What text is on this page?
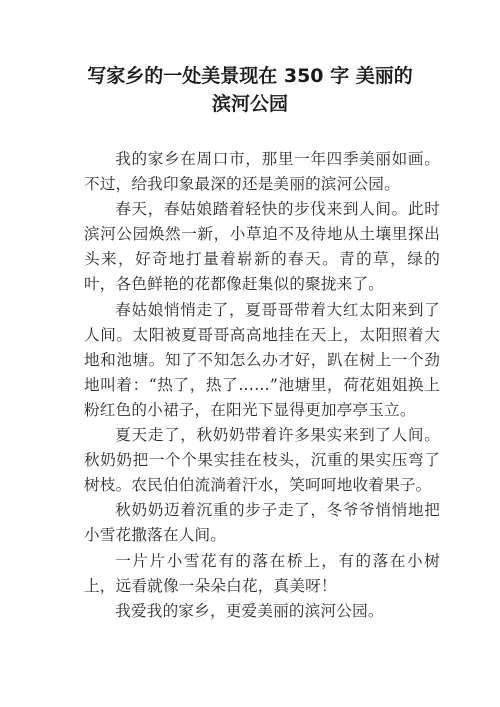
写家乡的一处美景现在 350 字 美丽的
滨河公园

我的家乡在周口市，那里一年四季美丽如画。不过，给我印象最深的还是美丽的滨河公园。

春天，春姑娘踏着轻快的步伐来到人间。此时滨河公园焕然一新，小草迫不及待地从土壤里探出头来，好奇地打量着崭新的春天。青的草，绿的叶，各色鲜艳的花都像赶集似的聚拢来了。

春姑娘悄悄走了，夏哥哥带着大红太阳来到了人间。太阳被夏哥哥高高地挂在天上，太阳照着大地和池塘。知了不知怎么办才好，趴在树上一个劲地叫着：“热了，热了……”池塘里，荷花姐姐换上粉红色的小裙子，在阳光下显得更加亭亭玉立。

夏天走了，秋奶奶带着许多果实来到了人间。秋奶奶把一个个果实挂在枝头，沉重的果实压弯了树枝。农民伯伯流淌着汗水，笑呵呵地收着果子。

秋奶奶迈着沉重的步子走了，冬爷爷悄悄地把小雪花撒落在人间。

一片片小雪花有的落在桥上，有的落在小树上，远看就像一朵朵白花，真美呀！

我爱我的家乡，更爱美丽的滨河公园。
